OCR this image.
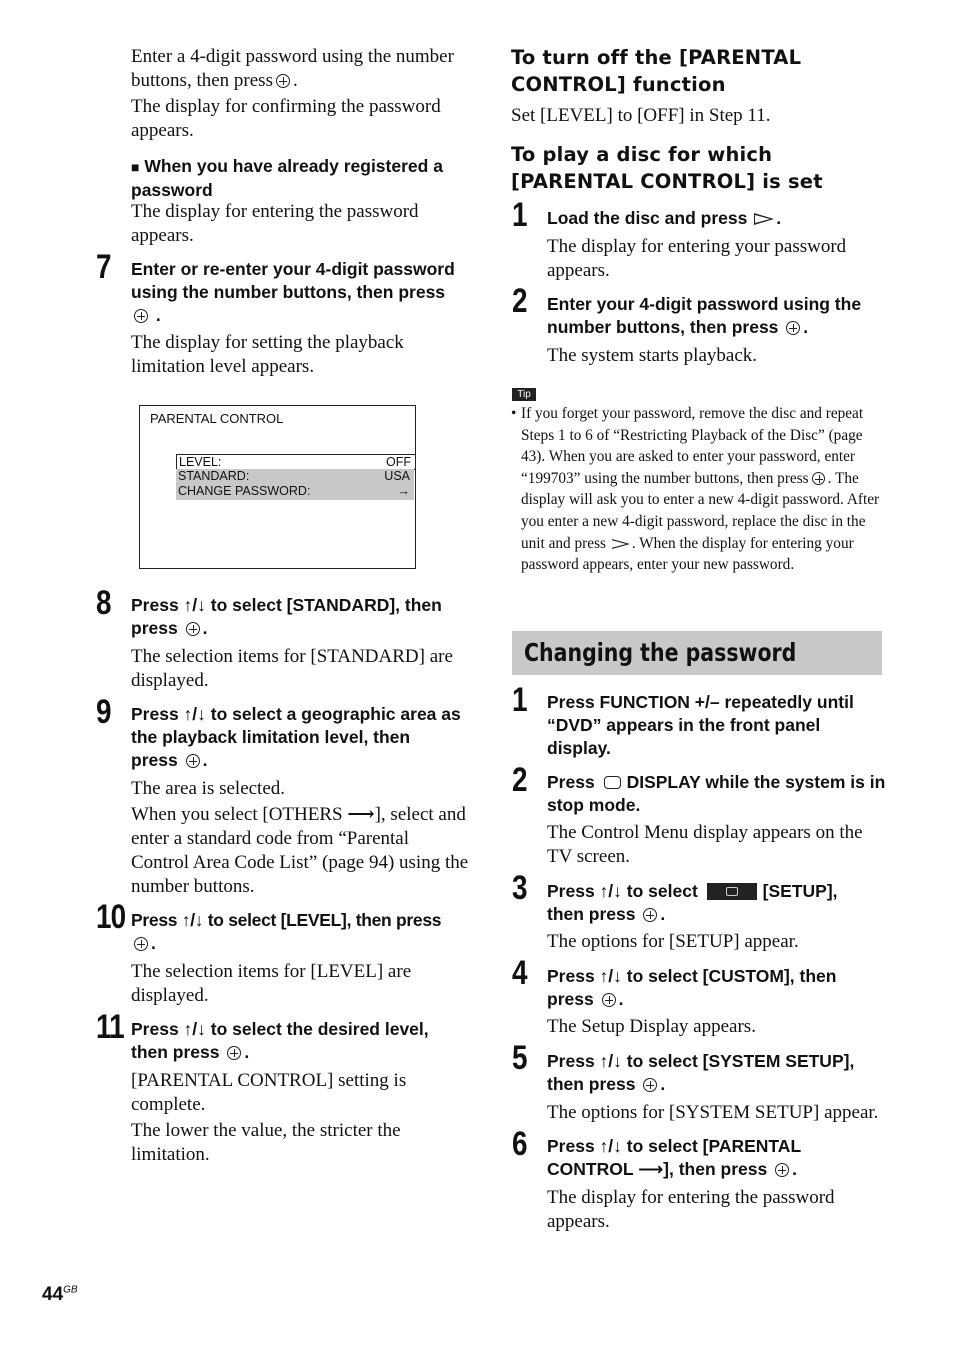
Enter a 4-digit password using the number buttons, then press .
The display for confirming the password appears.
■ When you have already registered a password
The display for entering the password appears.
7 Enter or re-enter your 4-digit password using the number buttons, then press
.
The display for setting the playback limitation level appears.
PARENTAL CONTROL
LEVEL:	OFF
STANDARD:	USA
CHANGE PASSWORD:	→
8 Press ↑/↓ to select [STANDARD], then
press .
The selection items for [STANDARD] are displayed.
9 Press ↑/↓ to select a geographic area as the playback limitation level, then
press .
The area is selected.
When you select [OTHERS ⟶], select and enter a standard code from “Parental Control Area Code List” (page 94) using the number buttons.
10 Press ↑/↓ to select [LEVEL], then press
.
The selection items for [LEVEL] are displayed.
11 Press ↑/↓ to select the desired level,
then press .
[PARENTAL CONTROL] setting is complete.
The lower the value, the stricter the limitation.
To turn off the [PARENTAL CONTROL] function
Set [LEVEL] to [OFF] in Step 11.
To play a disc for which [PARENTAL CONTROL] is set
1 Load the disc and press .
The display for entering your password appears.
2 Enter your 4-digit password using the
number buttons, then press .
The system starts playback.
Tip
• If you forget your password, remove the disc and repeat Steps 1 to 6 of “Restricting Playback of the Disc” (page 43). When you are asked to enter your password, enter “199703” using the number buttons, then press . The display will ask you to enter a new 4-digit password. After you enter a new 4-digit password, replace the disc in the unit and press . When the display for entering your password appears, enter your new password.
Changing the password
1 Press FUNCTION +/– repeatedly until “DVD” appears in the front panel display.
2 Press DISPLAY while the system is in stop mode.
The Control Menu display appears on the TV screen.
3 Press ↑/↓ to select	[SETUP],
then press .
The options for [SETUP] appear.
4 Press ↑/↓ to select [CUSTOM], then
press .
The Setup Display appears.
5 Press ↑/↓ to select [SYSTEM SETUP],
then press .
The options for [SYSTEM SETUP] appear.
6 Press ↑/↓ to select [PARENTAL
CONTROL ⟶], then press .
The display for entering the password appears.
$44^{GB}$
